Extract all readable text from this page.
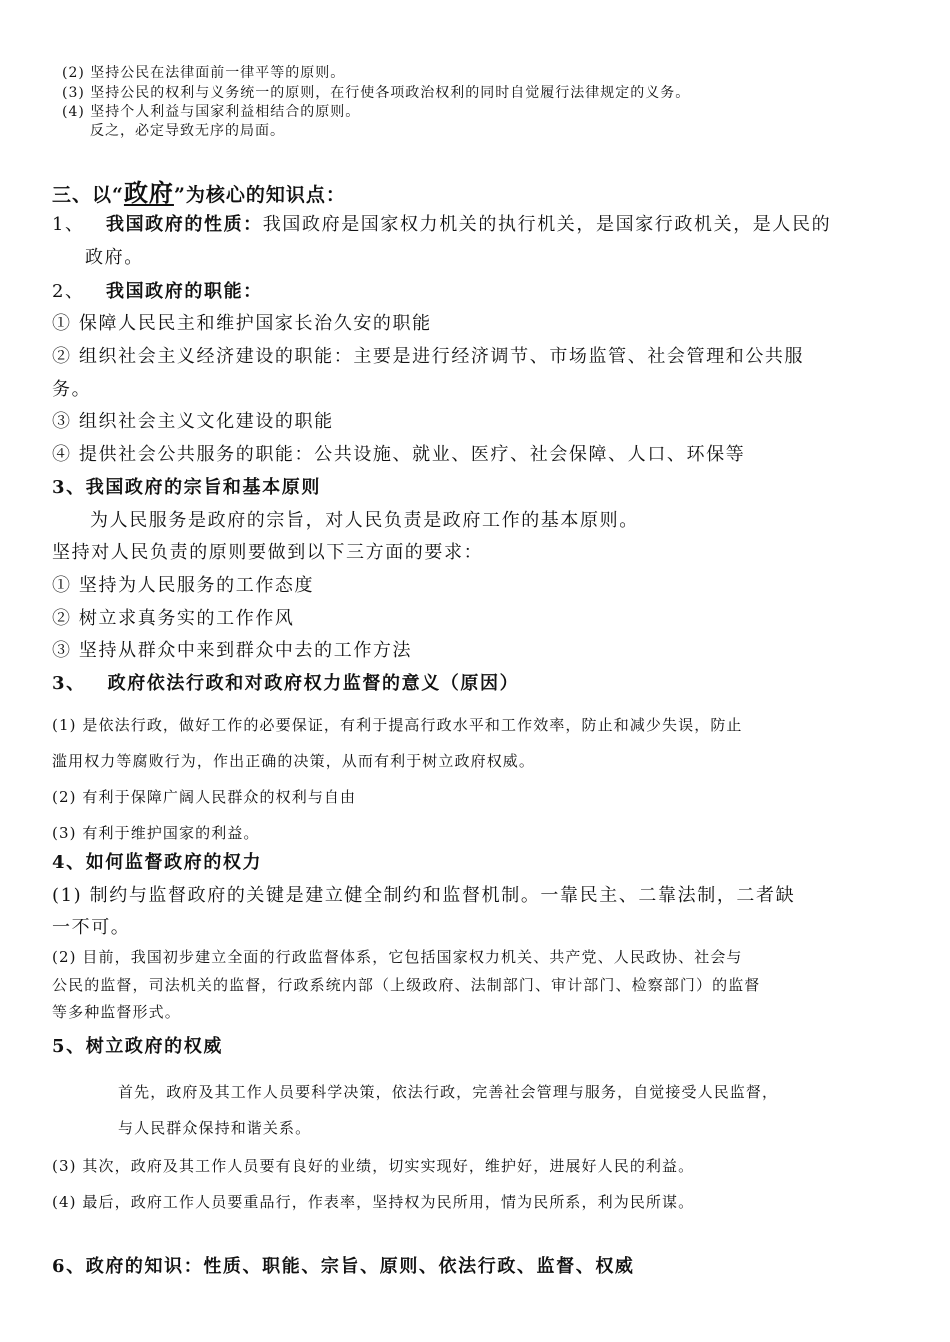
(2) 坚持公民在法律面前一律平等的原则。
(3) 坚持公民的权利与义务统一的原则，在行使各项政治权利的同时自觉履行法律规定的义务。
(4) 坚持个人利益与国家利益相结合的原则。
反之，必定导致无序的局面。
三、以“政府”为核心的知识点：
1、 我国政府的性质：我国政府是国家权力机关的执行机关，是国家行政机关，是人民的
政府。
2、 我国政府的职能：
① 保障人民民主和维护国家长治久安的职能
② 组织社会主义经济建设的职能：主要是进行经济调节、市场监管、社会管理和公共服
务。
③ 组织社会主义文化建设的职能
④ 提供社会公共服务的职能：公共设施、就业、医疗、社会保障、人口、环保等
3、我国政府的宗旨和基本原则
为人民服务是政府的宗旨，对人民负责是政府工作的基本原则。
坚持对人民负责的原则要做到以下三方面的要求：
① 坚持为人民服务的工作态度
② 树立求真务实的工作作风
③ 坚持从群众中来到群众中去的工作方法
3、 政府依法行政和对政府权力监督的意义（原因）
(1) 是依法行政，做好工作的必要保证，有利于提高行政水平和工作效率，防止和减少失误，防止
滥用权力等腐败行为，作出正确的决策，从而有利于树立政府权威。
(2) 有利于保障广阔人民群众的权利与自由
(3) 有利于维护国家的利益。
4、如何监督政府的权力
(1) 制约与监督政府的关键是建立健全制约和监督机制。一靠民主、二靠法制，二者缺
一不可。
(2) 目前，我国初步建立全面的行政监督体系，它包括国家权力机关、共产党、人民政协、社会与
公民的监督，司法机关的监督，行政系统内部（上级政府、法制部门、审计部门、检察部门）的监督
等多种监督形式。
5、树立政府的权威
首先，政府及其工作人员要科学决策，依法行政，完善社会管理与服务，自觉接受人民监督，
与人民群众保持和谐关系。
(3) 其次，政府及其工作人员要有良好的业绩，切实实现好，维护好，进展好人民的利益。
(4) 最后，政府工作人员要重品行，作表率，坚持权为民所用，情为民所系，利为民所谋。
6、政府的知识：性质、职能、宗旨、原则、依法行政、监督、权威
